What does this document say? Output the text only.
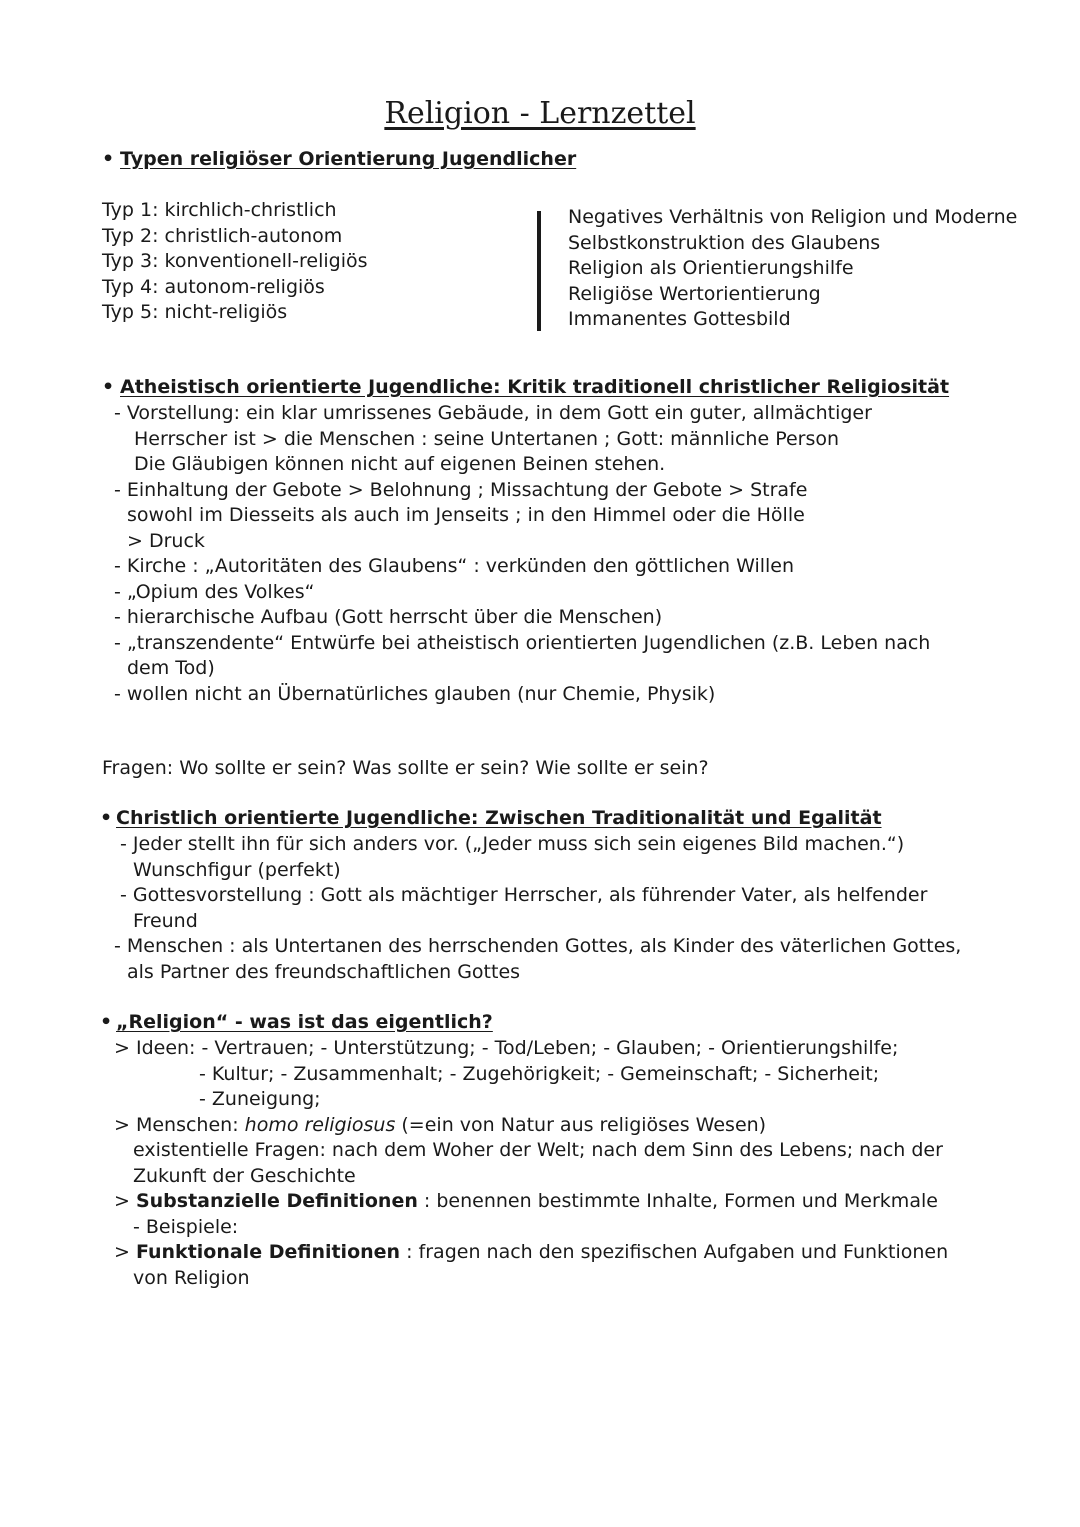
Religion - Lernzettel
• Typen religiöser Orientierung Jugendlicher

Typ 1: kirchlich-christlich

Typ 2: christlich-autonom

Typ 3: konventionell-religiös

Typ 4: autonom-religiös

Typ 5: nicht-religiös

Negatives Verhältnis von Religion und Moderne

Selbstkonstruktion des Glaubens

Religion als Orientierungshilfe

Religiöse Wertorientierung

Immanentes Gottesbild

• Atheistisch orientierte Jugendliche: Kritik traditionell christlicher Religiosität

- Vorstellung: ein klar umrissenes Gebäude, in dem Gott ein guter, allmächtiger

Herrscher ist > die Menschen : seine Untertanen ; Gott: männliche Person

Die Gläubigen können nicht auf eigenen Beinen stehen.

- Einhaltung der Gebote > Belohnung ; Missachtung der Gebote > Strafe

sowohl im Diesseits als auch im Jenseits ; in den Himmel oder die Hölle

> Druck

- Kirche : „Autoritäten des Glaubens“ : verkünden den göttlichen Willen

- „Opium des Volkes“

- hierarchische Aufbau (Gott herrscht über die Menschen)

- „transzendente“ Entwürfe bei atheistisch orientierten Jugendlichen (z.B. Leben nach

dem Tod)

- wollen nicht an Übernatürliches glauben (nur Chemie, Physik)

Fragen: Wo sollte er sein? Was sollte er sein? Wie sollte er sein?

• Christlich orientierte Jugendliche: Zwischen Traditionalität und Egalität

- Jeder stellt ihn für sich anders vor. („Jeder muss sich sein eigenes Bild machen.“)

Wunschfigur (perfekt)

- Gottesvorstellung : Gott als mächtiger Herrscher, als führender Vater, als helfender

Freund

- Menschen : als Untertanen des herrschenden Gottes, als Kinder des väterlichen Gottes,

als Partner des freundschaftlichen Gottes

• „Religion“ - was ist das eigentlich?

> Ideen: - Vertrauen; - Unterstützung; - Tod/Leben; - Glauben; - Orientierungshilfe;

- Kultur; - Zusammenhalt; - Zugehörigkeit; - Gemeinschaft; - Sicherheit;

- Zuneigung;

> Menschen: homo religiosus (=ein von Natur aus religiöses Wesen)

existentielle Fragen: nach dem Woher der Welt; nach dem Sinn des Lebens; nach der

Zukunft der Geschichte

> Substanzielle Definitionen : benennen bestimmte Inhalte, Formen und Merkmale

- Beispiele:

> Funktionale Definitionen : fragen nach den spezifischen Aufgaben und Funktionen

von Religion
